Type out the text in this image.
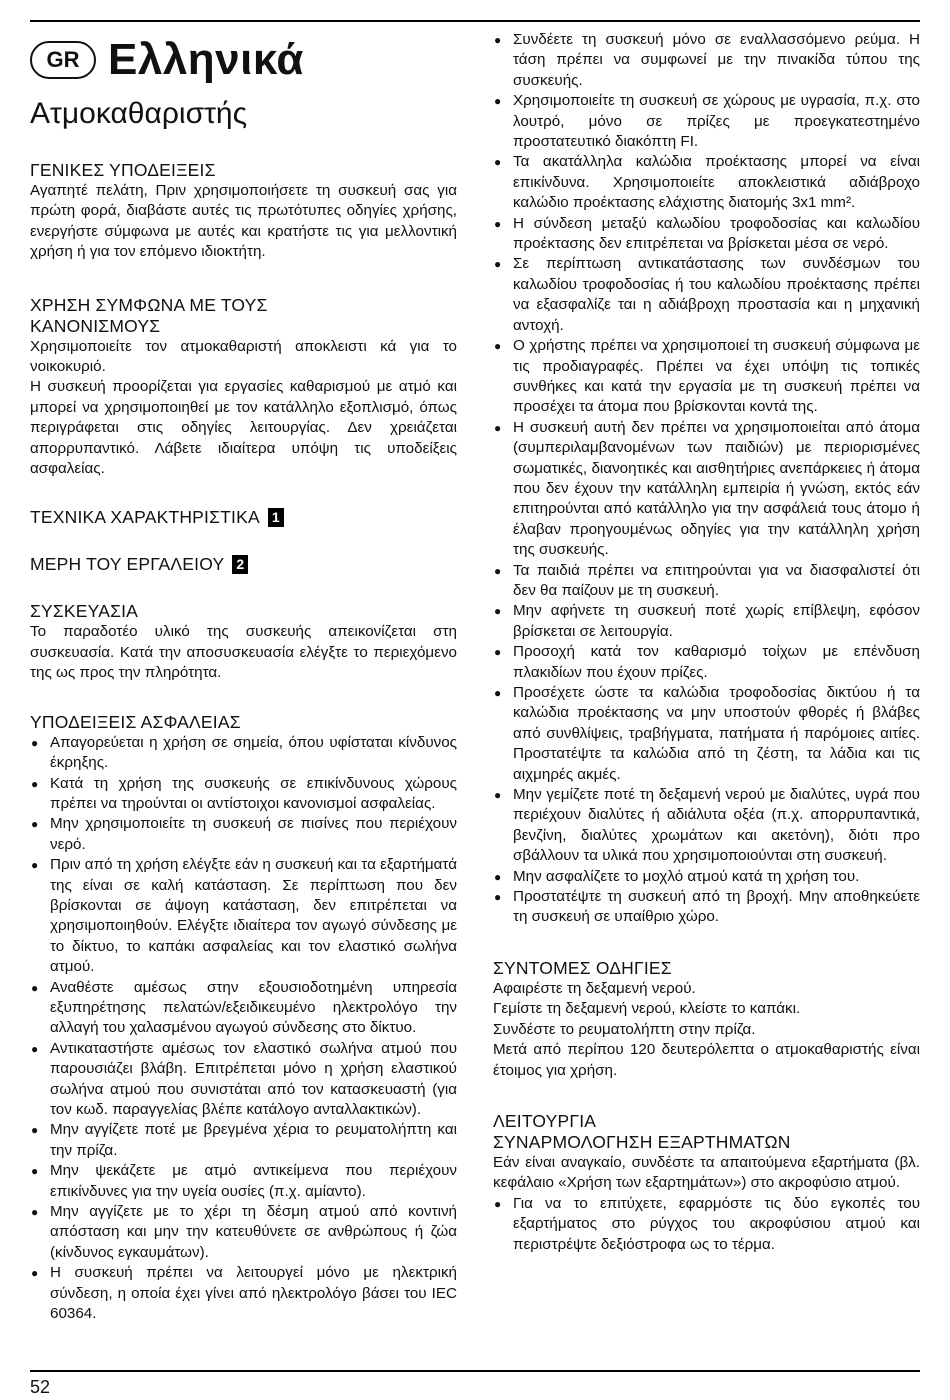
GR Ελληνικά
Ατμοκαθαριστής
ΓΕΝΙΚΕΣ ΥΠΟΔΕΙΞΕΙΣ

Αγαπητέ πελάτη, Πριν χρησιμοποιήσετε τη συσκευή σας για πρώτη φορά, διαβάστε αυτές τις πρωτότυπες οδηγίες χρήσης, ενεργήστε σύμφωνα με αυτές και κρατήστε τις για μελλοντική χρήση ή για τον επόμενο ιδιοκτήτη.

ΧΡΗΣΗ ΣΥΜΦΩΝΑ ΜΕ ΤΟΥΣ
ΚΑΝΟΝΙΣΜΟΥΣ

Χρησιμοποιείτε τον ατμοκαθαριστή αποκλειστι κά για το νοικοκυριό.

Η συσκευή προορίζεται για εργασίες καθαρισμού με ατμό και μπορεί να χρησιμοποιηθεί με τον κατάλληλο εξοπλισμό, όπως περιγράφεται στις οδηγίες λειτουργίας. Δεν χρειάζεται απορρυπαντικό. Λάβετε ιδιαίτερα υπόψη τις υποδείξεις ασφαλείας.

ΤΕΧΝΙΚΑ ΧΑΡΑΚΤΗΡΙΣΤΙΚΑ 1
ΜΕΡΗ ΤΟΥ ΕΡΓΑΛΕΙΟΥ 2
ΣΥΣΚΕΥΑΣΙΑ

Το παραδοτέο υλικό της συσκευής απεικονίζεται στη συσκευασία. Κατά την αποσυσκευασία ελέγξτε το περιεχόμενο της ως προς την πληρότητα.

ΥΠΟΔΕΙΞΕΙΣ ΑΣΦΑΛΕΙΑΣ
● Απαγορεύεται η χρήση σε σημεία, όπου υφίσταται κίνδυνος έκρηξης.
● Κατά τη χρήση της συσκευής σε επικίνδυνους χώρους πρέπει να τηρούνται οι αντίστοιχοι κανονισμοί ασφαλείας.
● Μην χρησιμοποιείτε τη συσκευή σε πισίνες που περιέχουν νερό.
● Πριν από τη χρήση ελέγξτε εάν η συσκευή και τα εξαρτήματά της είναι σε καλή κατάσταση. Σε περίπτωση που δεν βρίσκονται σε άψογη κατάσταση, δεν επιτρέπεται να χρησιμοποιηθούν. Ελέγξτε ιδιαίτερα τον αγωγό σύνδεσης με το δίκτυο, το καπάκι ασφαλείας και τον ελαστικό σωλήνα ατμού.
● Αναθέστε αμέσως στην εξουσιοδοτημένη υπηρεσία εξυπηρέτησης πελατών/εξειδικευμένο ηλεκτρολόγο την αλλαγή του χαλασμένου αγωγού σύνδεσης στο δίκτυο.
● Αντικαταστήστε αμέσως τον ελαστικό σωλήνα ατμού που παρουσιάζει βλάβη. Επιτρέπεται μόνο η χρήση ελαστικού σωλήνα ατμού που συνιστάται από τον κατασκευαστή (για τον κωδ. παραγγελίας βλέπε κατάλογο ανταλλακτικών).
● Μην αγγίζετε ποτέ με βρεγμένα χέρια το ρευματολήπτη και την πρίζα.
● Μην ψεκάζετε με ατμό αντικείμενα που περιέχουν επικίνδυνες για την υγεία ουσίες (π.χ. αμίαντο).
● Μην αγγίζετε με το χέρι τη δέσμη ατμού από κοντινή απόσταση και μην την κατευθύνετε σε ανθρώπους ή ζώα (κίνδυνος εγκαυμάτων).
● Η συσκευή πρέπει να λειτουργεί μόνο με ηλεκτρική σύνδεση, η οποία έχει γίνει από ηλεκτρολόγο βάσει του IEC 60364.
● Συνδέετε τη συσκευή μόνο σε εναλλασσόμενο ρεύμα. Η τάση πρέπει να συμφωνεί με την πινακίδα τύπου της συσκευής.
● Χρησιμοποιείτε τη συσκευή σε χώρους με υγρασία, π.χ. στο λουτρό, μόνο σε πρίζες με προεγκατεστημένο προστατευτικό διακόπτη FI.
● Τα ακατάλληλα καλώδια προέκτασης μπορεί να είναι επικίνδυνα. Χρησιμοποιείτε αποκλειστικά αδιάβροχο καλώδιο προέκτασης ελάχιστης διατομής 3x1 mm².
● Η σύνδεση μεταξύ καλωδίου τροφοδοσίας και καλωδίου προέκτασης δεν επιτρέπεται να βρίσκεται μέσα σε νερό.
● Σε περίπτωση αντικατάστασης των συνδέσμων του καλωδίου τροφοδοσίας ή του καλωδίου προέκτασης πρέπει να εξασφαλίζε ται η αδιάβροχη προστασία και η μηχανική αντοχή.
● Ο χρήστης πρέπει να χρησιμοποιεί τη συσκευή σύμφωνα με τις προδιαγραφές. Πρέπει να έχει υπόψη τις τοπικές συνθήκες και κατά την εργασία με τη συσκευή πρέπει να προσέχει τα άτομα που βρίσκονται κοντά της.
● Η συσκευή αυτή δεν πρέπει να χρησιμοποιείται από άτομα (συμπεριλαμβανομένων των παιδιών) με περιορισμένες σωματικές, διανοητικές και αισθητήριες ανεπάρκειες ή άτομα που δεν έχουν την κατάλληλη εμπειρία ή γνώση, εκτός εάν επιτηρούνται από κατάλληλο για την ασφάλειά τους άτομο ή έλαβαν προηγουμένως οδηγίες για την κατάλληλη χρήση της συσκευής.
● Τα παιδιά πρέπει να επιτηρούνται για να διασφαλιστεί ότι δεν θα παίζουν με τη συσκευή.
● Μην αφήνετε τη συσκευή ποτέ χωρίς επίβλεψη, εφόσον βρίσκεται σε λειτουργία.
● Προσοχή κατά τον καθαρισμό τοίχων με επένδυση πλακιδίων που έχουν πρίζες.
● Προσέχετε ώστε τα καλώδια τροφοδοσίας δικτύου ή τα καλώδια προέκτασης να μην υποστούν φθορές ή βλάβες από συνθλίψεις, τραβήγματα, πατήματα ή παρόμοιες αιτίες. Προστατέψτε τα καλώδια από τη ζέστη, τα λάδια και τις αιχμηρές ακμές.
● Μην γεμίζετε ποτέ τη δεξαμενή νερού με διαλύτες, υγρά που περιέχουν διαλύτες ή αδιάλυτα οξέα (π.χ. απορρυπαντικά, βενζίνη, διαλύτες χρωμάτων και ακετόνη), διότι προ σβάλλουν τα υλικά που χρησιμοποιούνται στη συσκευή.
● Μην ασφαλίζετε το μοχλό ατμού κατά τη χρήση του.
● Προστατέψτε τη συσκευή από τη βροχή. Μην αποθηκεύετε τη συσκευή σε υπαίθριο χώρο.
ΣΥΝΤΟΜΕΣ ΟΔΗΓΙΕΣ

Αφαιρέστε τη δεξαμενή νερού.

Γεμίστε τη δεξαμενή νερού, κλείστε το καπάκι.

Συνδέστε το ρευματολήπτη στην πρίζα.

Μετά από περίπου 120 δευτερόλεπτα ο ατμοκαθαριστής είναι έτοιμος για χρήση.

ΛΕΙΤΟΥΡΓΙΑ
ΣΥΝΑΡΜΟΛΟΓΗΣΗ ΕΞΑΡΤΗΜΑΤΩΝ

Εάν είναι αναγκαίο, συνδέστε τα απαιτούμενα εξαρτήματα (βλ. κεφάλαιο «Χρήση των εξαρτημάτων») στο ακροφύσιο ατμού.

● Για να το επιτύχετε, εφαρμόστε τις δύο εγκοπές του εξαρτήματος στο ρύγχος του ακροφύσιου ατμού και περιστρέψτε δεξιόστροφα ως το τέρμα.
52
